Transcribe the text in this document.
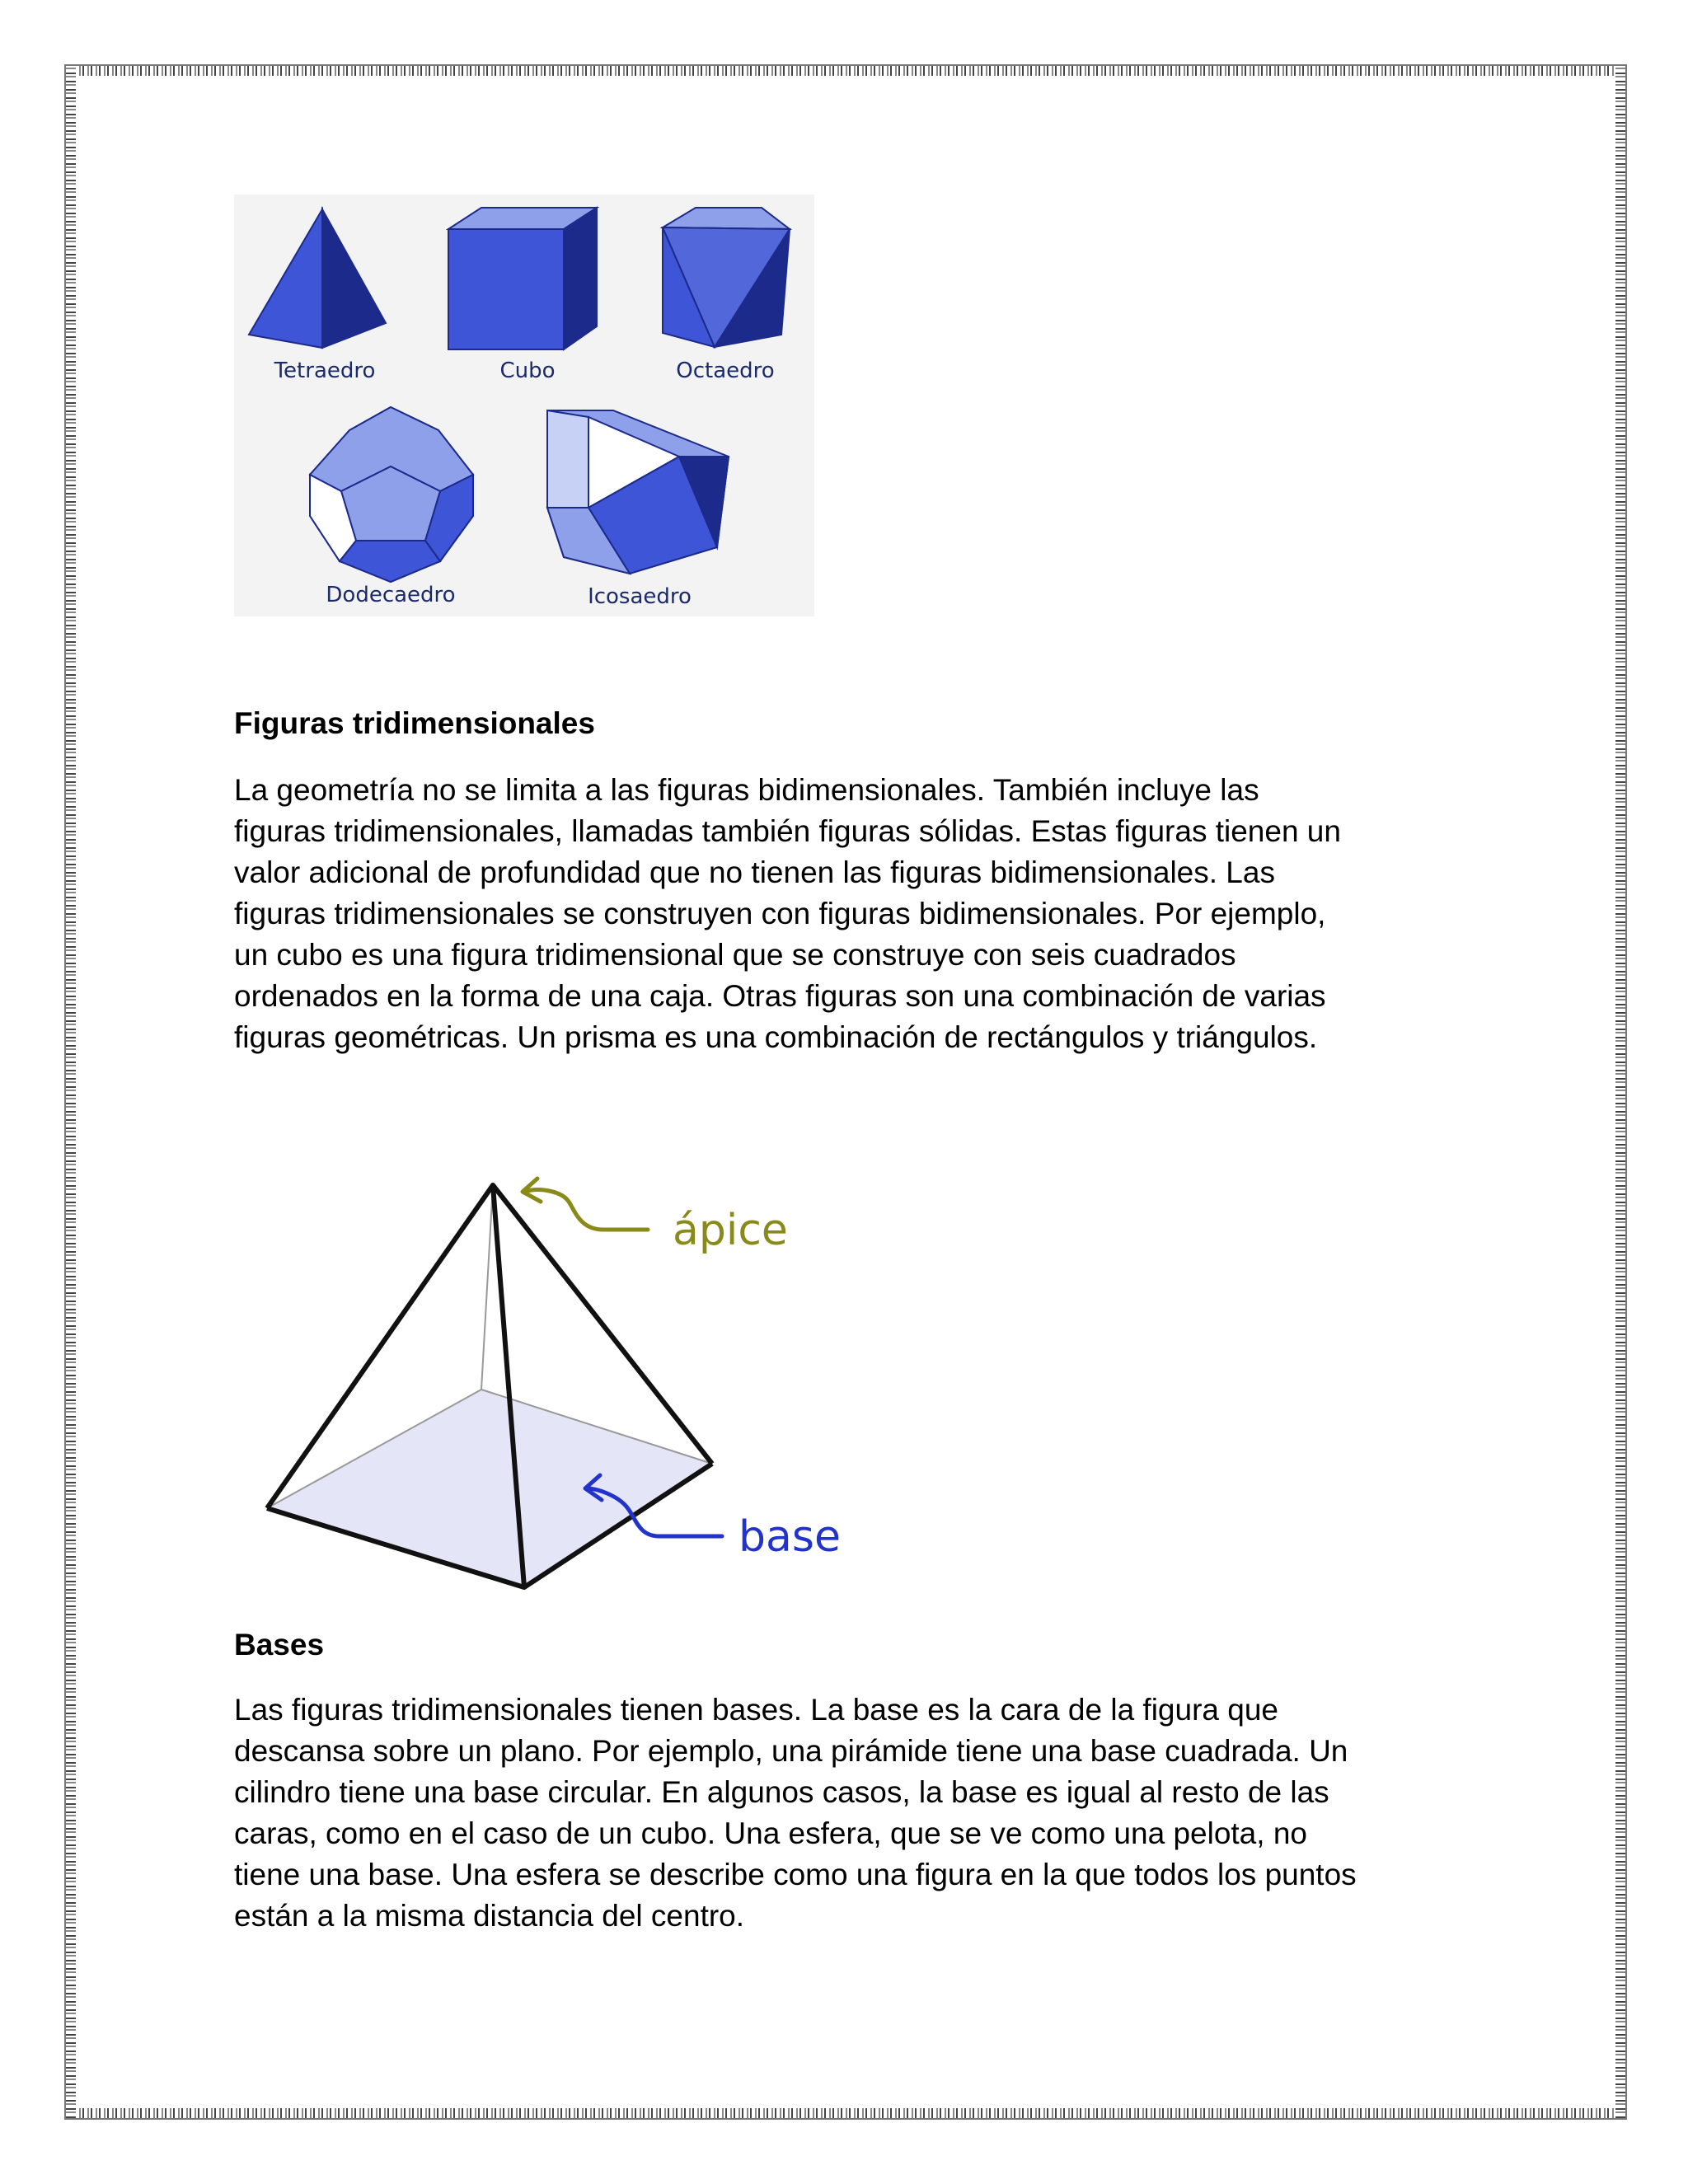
Tetraedro	Cubo	Octaedro
Dodecaedro	Icosaedro
Figuras tridimensionales

La geometría no se limita a las figuras bidimensionales. También incluye las

figuras tridimensionales, llamadas también figuras sólidas. Estas figuras tienen un

valor adicional de profundidad que no tienen las figuras bidimensionales. Las

figuras tridimensionales se construyen con figuras bidimensionales. Por ejemplo,

un cubo es una figura tridimensional que se construye con seis cuadrados

ordenados en la forma de una caja. Otras figuras son una combinación de varias

figuras geométricas. Un prisma es una combinación de rectángulos y triángulos.

ápice
base
Bases

Las figuras tridimensionales tienen bases. La base es la cara de la figura que

descansa sobre un plano. Por ejemplo, una pirámide tiene una base cuadrada. Un

cilindro tiene una base circular. En algunos casos, la base es igual al resto de las

caras, como en el caso de un cubo. Una esfera, que se ve como una pelota, no

tiene una base. Una esfera se describe como una figura en la que todos los puntos

están a la misma distancia del centro.
